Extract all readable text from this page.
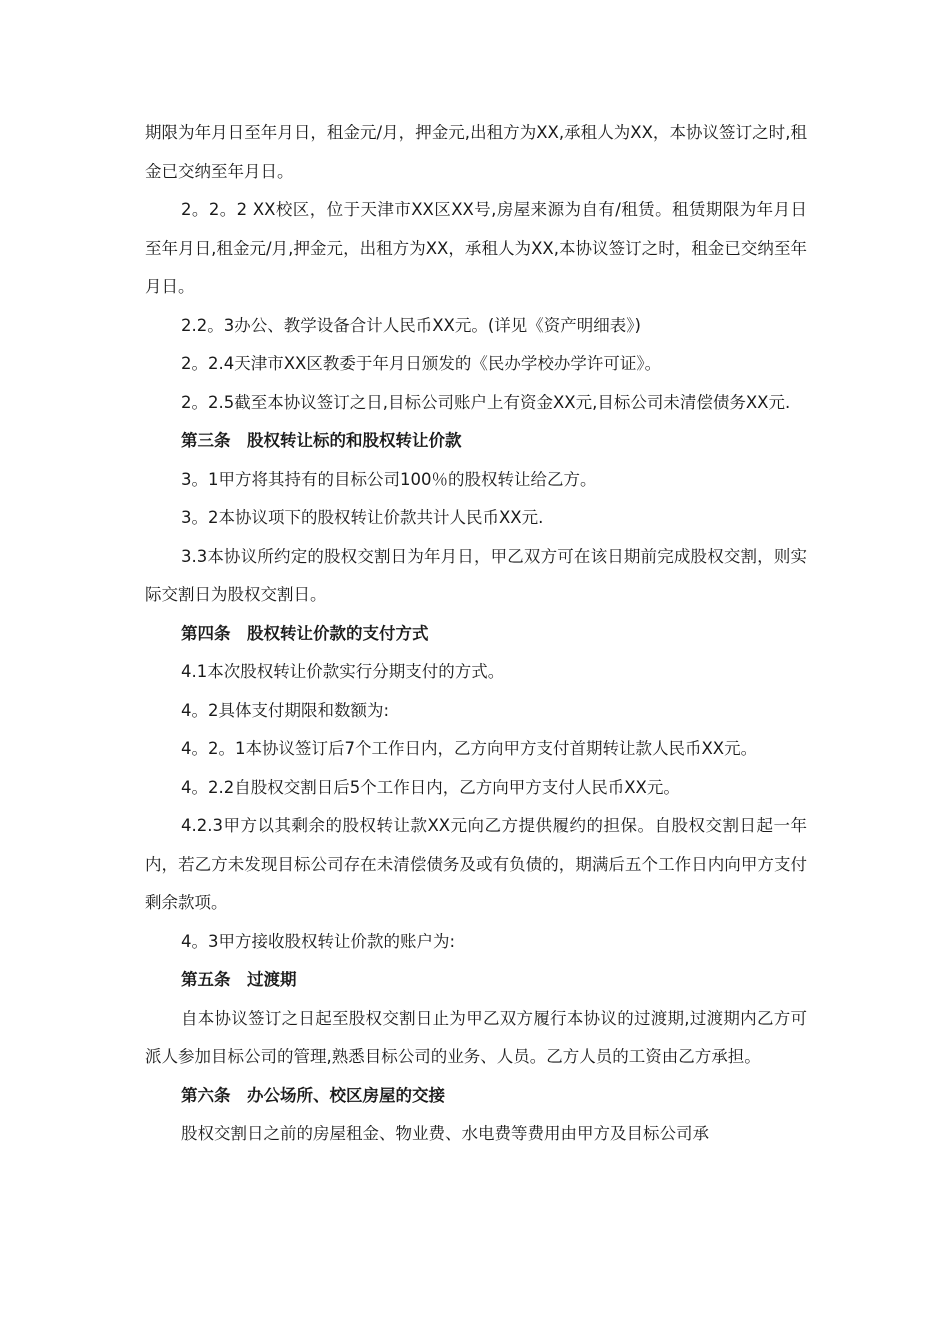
期限为年月日至年月日，租金元/月，押金元,出租方为XX,承租人为XX，本协议签订之时,租金已交纳至年月日。

2。2。2 XX校区，位于天津市XX区XX号,房屋来源为自有/租赁。租赁期限为年月日至年月日,租金元/月,押金元，出租方为XX，承租人为XX,本协议签订之时，租金已交纳至年月日。

2.2。3办公、教学设备合计人民币XX元。(详见《资产明细表》)

2。2.4天津市XX区教委于年月日颁发的《民办学校办学许可证》。

2。2.5截至本协议签订之日,目标公司账户上有资金XX元,目标公司未清偿债务XX元.

第三条　股权转让标的和股权转让价款

3。1甲方将其持有的目标公司100％的股权转让给乙方。

3。2本协议项下的股权转让价款共计人民币XX元.

3.3本协议所约定的股权交割日为年月日，甲乙双方可在该日期前完成股权交割，则实际交割日为股权交割日。

第四条　股权转让价款的支付方式

4.1本次股权转让价款实行分期支付的方式。

4。2具体支付期限和数额为:

4。2。1本协议签订后7个工作日内，乙方向甲方支付首期转让款人民币XX元。

4。2.2自股权交割日后5个工作日内，乙方向甲方支付人民币XX元。

4.2.3甲方以其剩余的股权转让款XX元向乙方提供履约的担保。自股权交割日起一年内，若乙方未发现目标公司存在未清偿债务及或有负债的，期满后五个工作日内向甲方支付剩余款项。

4。3甲方接收股权转让价款的账户为:

第五条　过渡期

自本协议签订之日起至股权交割日止为甲乙双方履行本协议的过渡期,过渡期内乙方可派人参加目标公司的管理,熟悉目标公司的业务、人员。乙方人员的工资由乙方承担。

第六条　办公场所、校区房屋的交接

股权交割日之前的房屋租金、物业费、水电费等费用由甲方及目标公司承
